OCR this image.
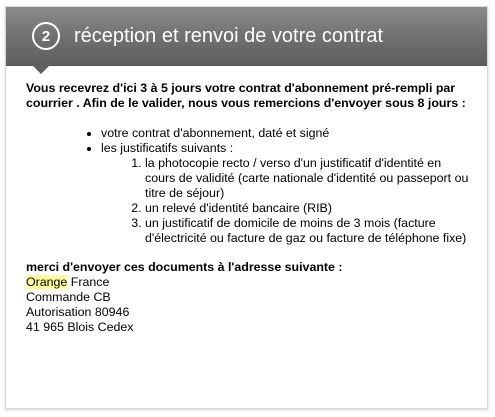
2	réception et renvoi de votre contrat

Vous recevrez d'ici 3 à 5 jours votre contrat d'abonnement pré-rempli par courrier . Afin de le valider, nous vous remercions d'envoyer sous 8 jours :

• votre contrat d'abonnement, daté et signé
• les justificatifs suivants :
1. la photocopie recto / verso d'un justificatif d'identité en cours de validité (carte nationale d'identité ou passeport ou titre de séjour)
2. un relevé d'identité bancaire (RIB)
3. un justificatif de domicile de moins de 3 mois (facture d'électricité ou facture de gaz ou facture de téléphone fixe)

merci d'envoyer ces documents à l'adresse suivante :

Orange France

Commande CB

Autorisation 80946

41 965 Blois Cedex
